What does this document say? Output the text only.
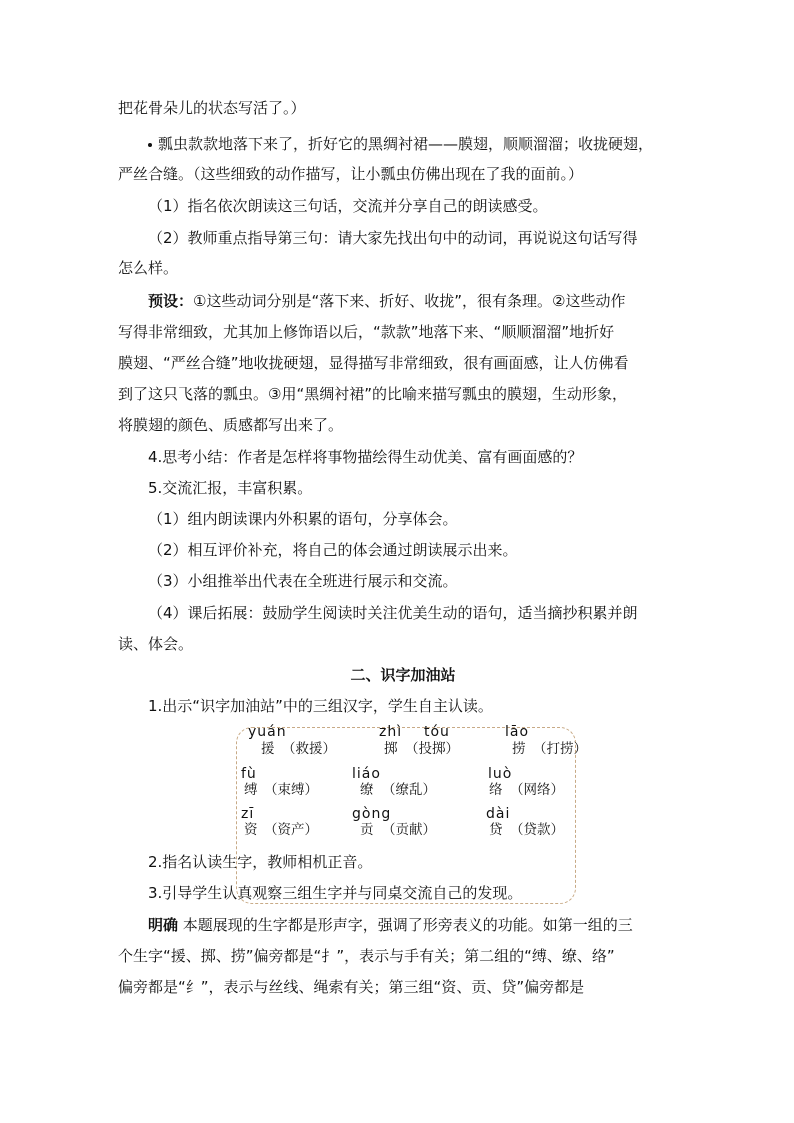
把花骨朵儿的状态写活了。）
瓢虫款款地落下来了，折好它的黑绸衬裙——膜翅，顺顺溜溜；收拢硬翅，
严丝合缝。（这些细致的动作描写，让小瓢虫仿佛出现在了我的面前。）
（1）指名依次朗读这三句话，交流并分享自己的朗读感受。
（2）教师重点指导第三句：请大家先找出句中的动词，再说说这句话写得
怎么样。
预设：①这些动词分别是“落下来、折好、收拢”，很有条理。②这些动作
写得非常细致，尤其加上修饰语以后，“款款”地落下来、“顺顺溜溜”地折好
膜翅、“严丝合缝”地收拢硬翅，显得描写非常细致，很有画面感，让人仿佛看
到了这只飞落的瓢虫。③用“黑绸衬裙”的比喻来描写瓢虫的膜翅，生动形象，
将膜翅的颜色、质感都写出来了。
4.思考小结：作者是怎样将事物描绘得生动优美、富有画面感的？
5.交流汇报，丰富积累。
（1）组内朗读课内外积累的语句，分享体会。
（2）相互评价补充，将自己的体会通过朗读展示出来。
（3）小组推举出代表在全班进行展示和交流。
（4）课后拓展：鼓励学生阅读时关注优美生动的语句，适当摘抄积累并朗
读、体会。
二、识字加油站
1.出示“识字加油站”中的三组汉字，学生自主认读。
yuán
援 （救援）
zhì tóu
掷 （投掷）
lāo
捞 （打捞）
fù
缚 （束缚）
liáo
缭 （缭乱）
luò
络 （网络）
zī
资 （资产）
gòng
贡 （贡献）
dài
贷 （贷款）
2.指名认读生字，教师相机正音。
3.引导学生认真观察三组生字并与同桌交流自己的发现。
明确 本题展现的生字都是形声字，强调了形旁表义的功能。如第一组的三
个生字“援、掷、捞”偏旁都是“扌”，表示与手有关；第二组的“缚、缭、络”
偏旁都是“纟”，表示与丝线、绳索有关；第三组“资、贡、贷”偏旁都是
